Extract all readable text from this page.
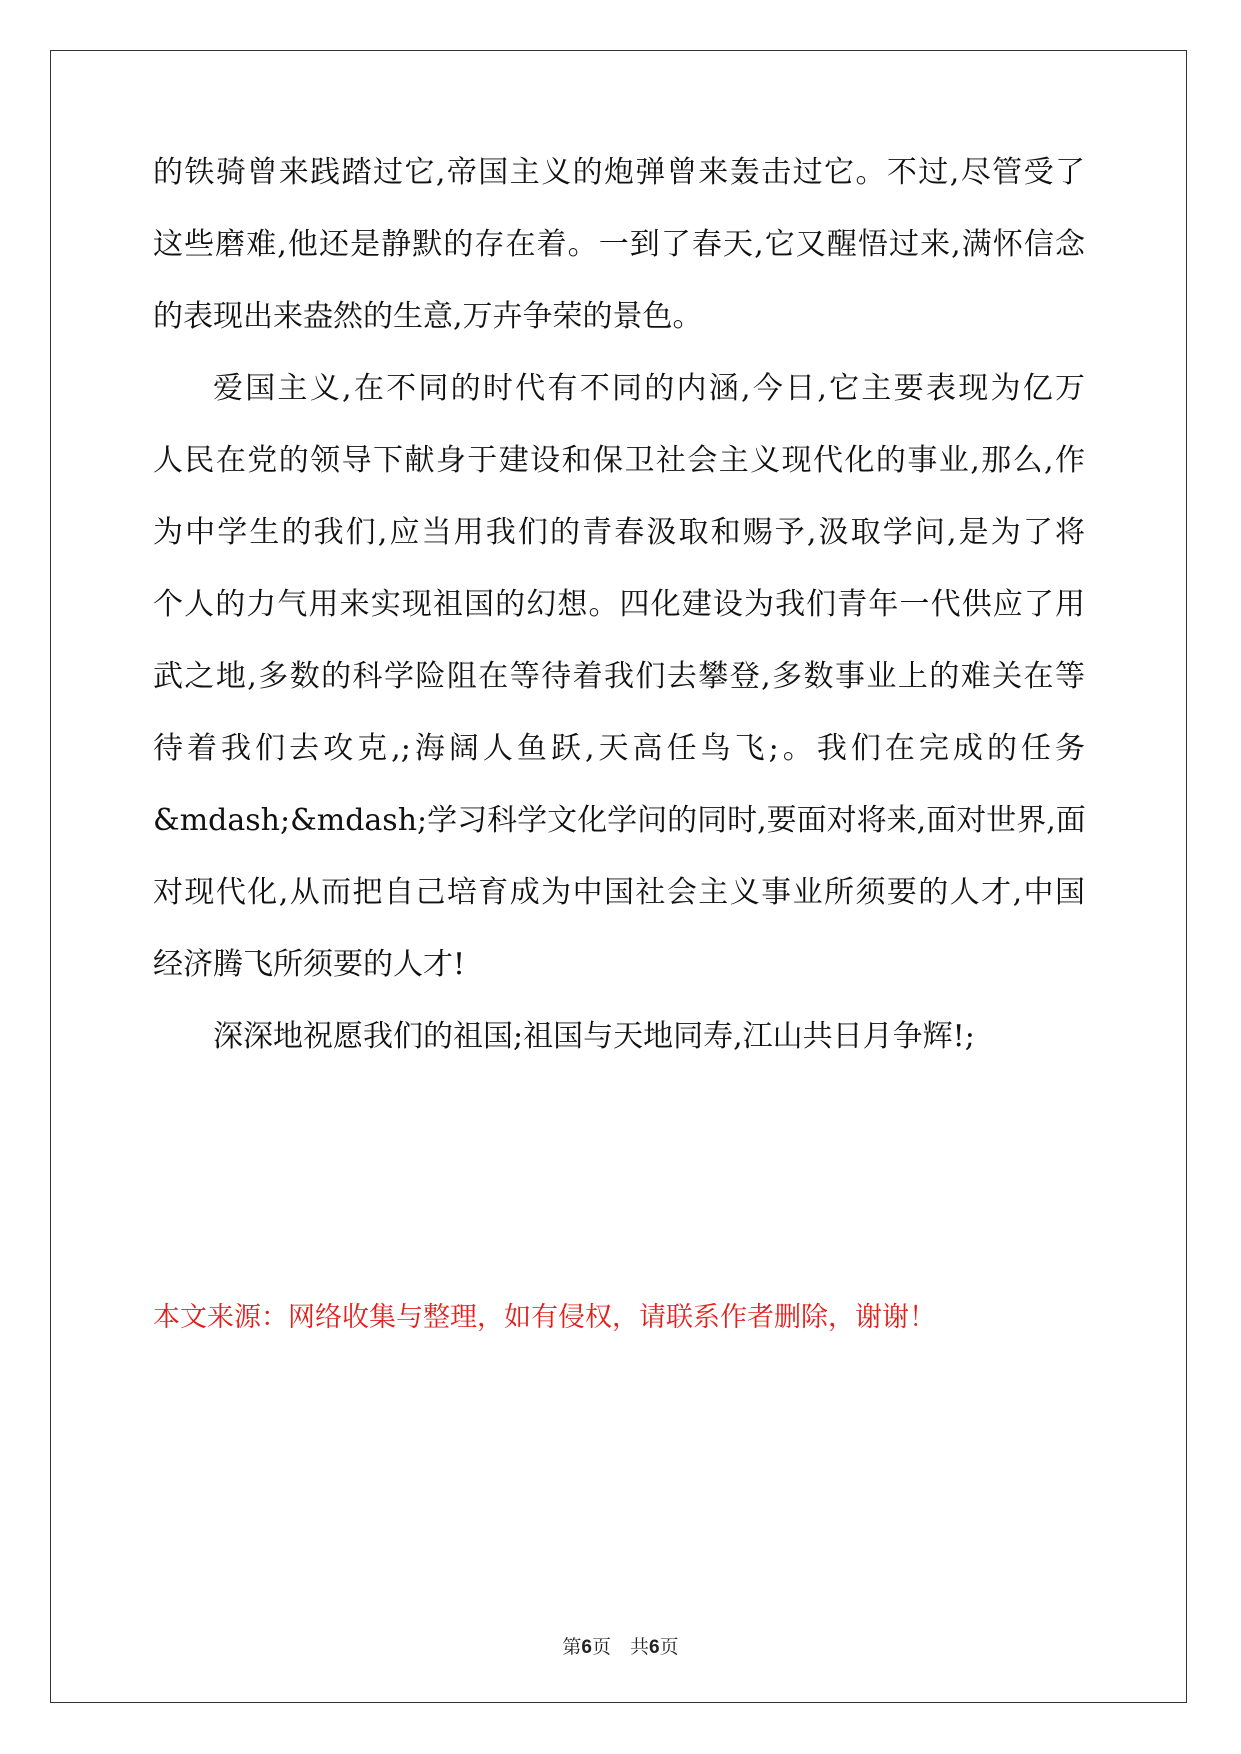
的铁骑曾来践踏过它,帝国主义的炮弹曾来轰击过它。不过,尽管受了

这些磨难,他还是静默的存在着。一到了春天,它又醒悟过来,满怀信念

的表现出来盎然的生意,万卉争荣的景色。

爱国主义,在不同的时代有不同的内涵,今日,它主要表现为亿万

人民在党的领导下献身于建设和保卫社会主义现代化的事业,那么,作

为中学生的我们,应当用我们的青春汲取和赐予,汲取学问,是为了将

个人的力气用来实现祖国的幻想。四化建设为我们青年一代供应了用

武之地,多数的科学险阻在等待着我们去攀登,多数事业上的难关在等

待着我们去攻克,;海阔人鱼跃,天高任鸟飞;。我们在完成的任务

&mdash;&mdash;学习科学文化学问的同时,要面对将来,面对世界,面

对现代化,从而把自己培育成为中国社会主义事业所须要的人才,中国

经济腾飞所须要的人才!

深深地祝愿我们的祖国;祖国与天地同寿,江山共日月争辉!;

本文来源：网络收集与整理，如有侵权，请联系作者删除，谢谢！
第6页　共6页
